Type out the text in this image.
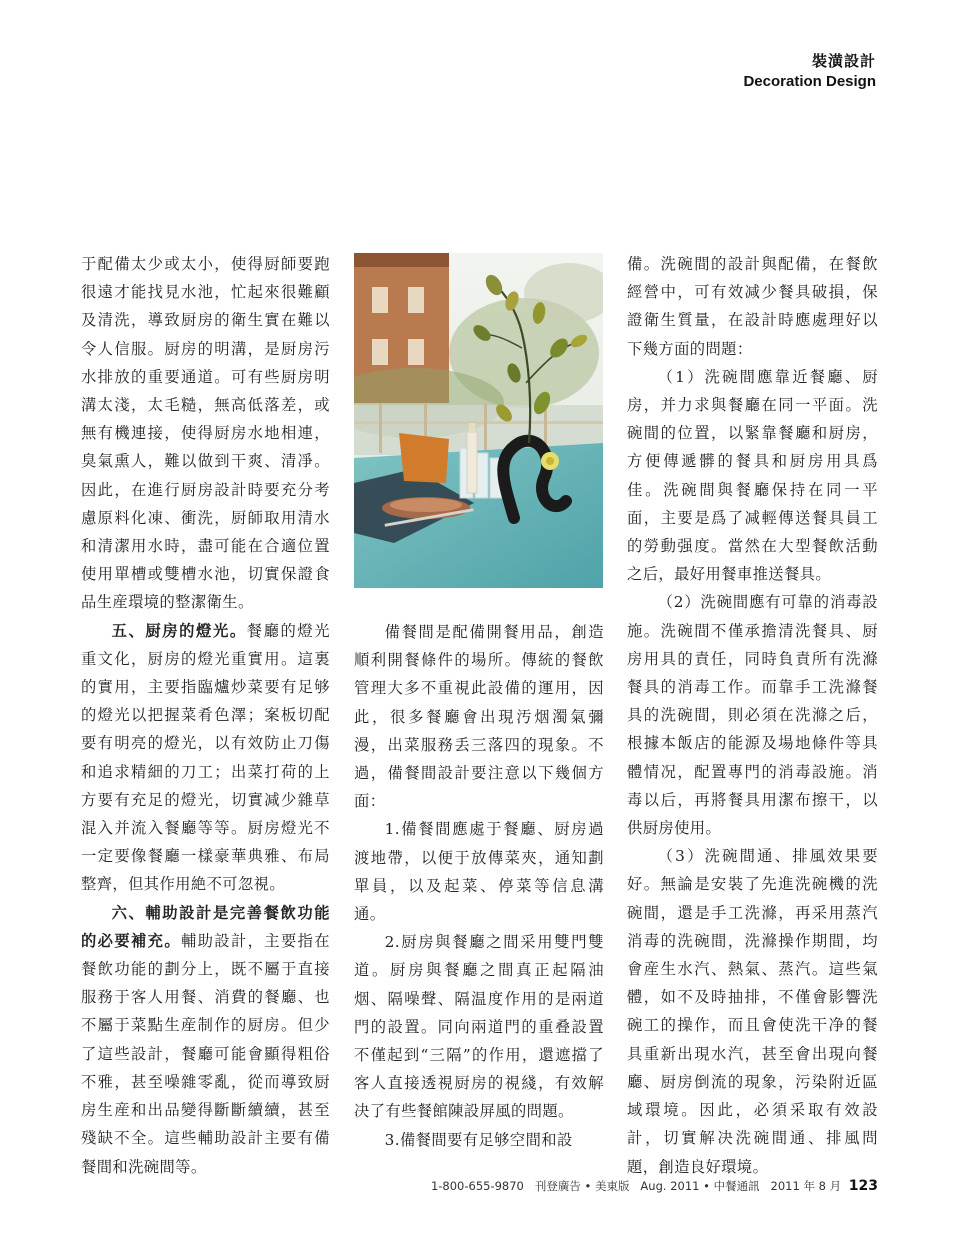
裝潢設計
Decoration Design

于配備太少或太小，使得厨師要跑很遠才能找見水池，忙起來很難顧及清洗，導致厨房的衛生實在難以令人信服。厨房的明溝，是厨房污水排放的重要通道。可有些厨房明溝太淺，太毛糙，無高低落差，或無有機連接，使得厨房水地相連，臭氣熏人，難以做到干爽、清凈。因此，在進行厨房設計時要充分考慮原料化凍、衝洗，厨師取用清水和清潔用水時，盡可能在合適位置使用單槽或雙槽水池，切實保證食品生産環境的整潔衛生。

五、厨房的燈光。餐廳的燈光重文化，厨房的燈光重實用。這裏的實用，主要指臨爐炒菜要有足够的燈光以把握菜肴色澤；案板切配要有明亮的燈光，以有效防止刀傷和追求精細的刀工；出菜打荷的上方要有充足的燈光，切實减少雜草混入并流入餐廳等等。厨房燈光不一定要像餐廳一樣豪華典雅、布局整齊，但其作用絶不可忽視。

六、輔助設計是完善餐飲功能的必要補充。輔助設計，主要指在餐飲功能的劃分上，既不屬于直接服務于客人用餐、消費的餐廳、也不屬于菜點生産制作的厨房。但少了這些設計，餐廳可能會顯得粗俗不雅，甚至噪雜零亂，從而導致厨房生産和出品變得斷斷續續，甚至殘缺不全。這些輔助設計主要有備餐間和洗碗間等。

備餐間是配備開餐用品，創造順利開餐條件的場所。傳統的餐飲管理大多不重視此設備的運用，因此，很多餐廳會出現汚烟濁氣彌漫，出菜服務丢三落四的現象。不過，備餐間設計要注意以下幾個方面：

1.備餐間應處于餐廳、厨房過渡地帶，以便于放傳菜夾，通知劃單員，以及起菜、停菜等信息溝通。

2.厨房與餐廳之間采用雙門雙道。厨房與餐廳之間真正起隔油烟、隔噪聲、隔温度作用的是兩道門的設置。同向兩道門的重叠設置不僅起到“三隔”的作用，還遮擋了客人直接透視厨房的視綫，有效解决了有些餐館陳設屏風的問題。

3.備餐間要有足够空間和設

備。洗碗間的設計與配備，在餐飲經營中，可有效减少餐具破損，保證衛生質量，在設計時應處理好以下幾方面的問題：

（1）洗碗間應靠近餐廳、厨房，并力求與餐廳在同一平面。洗碗間的位置，以緊靠餐廳和厨房，方便傳遞髒的餐具和厨房用具爲佳。洗碗間與餐廳保持在同一平面，主要是爲了减輕傳送餐具員工的勞動强度。當然在大型餐飲活動之后，最好用餐車推送餐具。

（2）洗碗間應有可靠的消毒設施。洗碗間不僅承擔清洗餐具、厨房用具的責任，同時負責所有洗滌餐具的消毒工作。而靠手工洗滌餐具的洗碗間，則必須在洗滌之后，根據本飯店的能源及場地條件等具體情况，配置專門的消毒設施。消毒以后，再將餐具用潔布擦干，以供厨房使用。

（3）洗碗間通、排風效果要好。無論是安裝了先進洗碗機的洗碗間，還是手工洗滌，再采用蒸汽消毒的洗碗間，洗滌操作期間，均會産生水汽、熱氣、蒸汽。這些氣體，如不及時抽排，不僅會影響洗碗工的操作，而且會使洗干净的餐具重新出現水汽，甚至會出現向餐廳、厨房倒流的現象，污染附近區域環境。因此，必須采取有效設計，切實解决洗碗間通、排風問題，創造良好環境。

1-800-655-9870 刊登廣告 • 美東版 Aug. 2011 • 中餐通訊 2011 年 8 月 123
